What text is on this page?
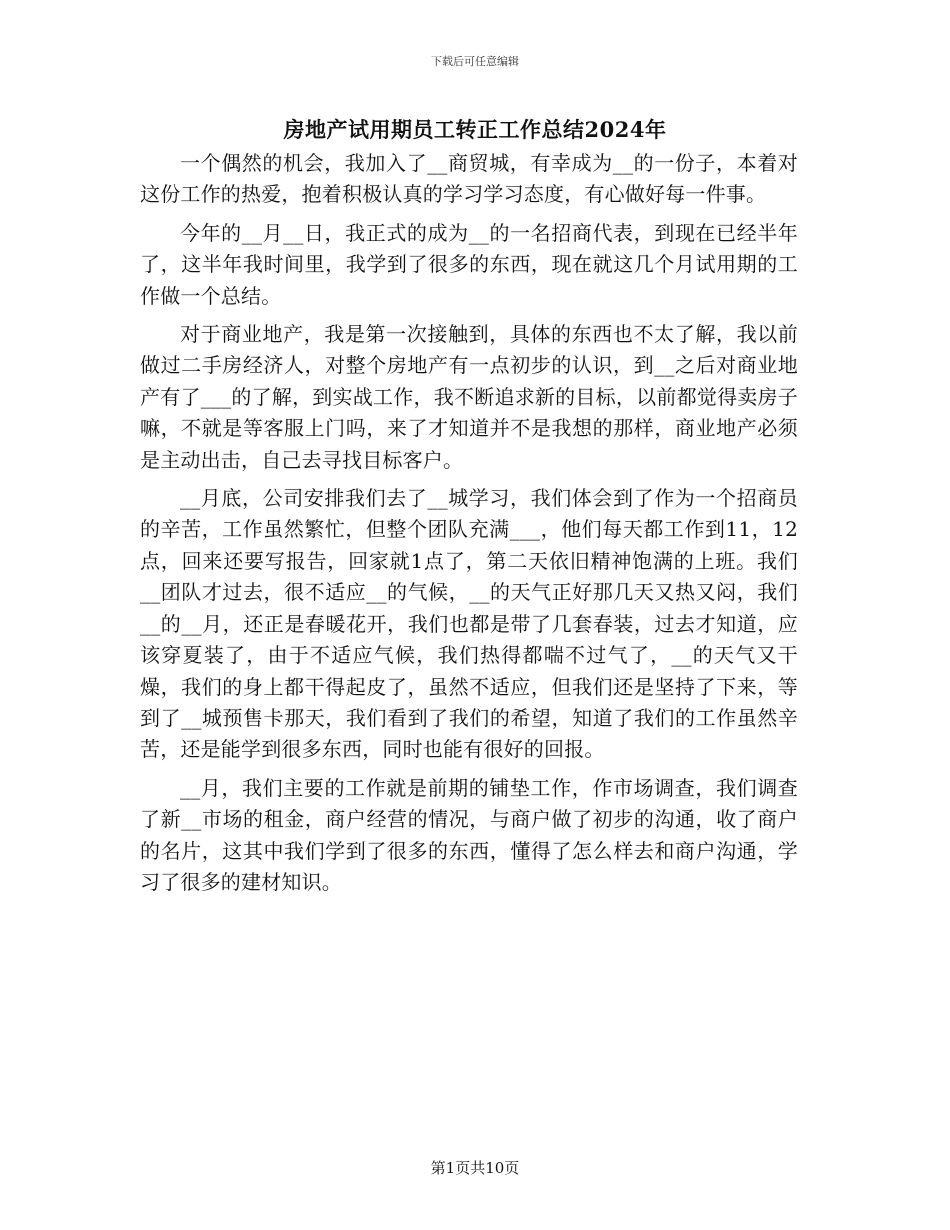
下载后可任意编辑
房地产试用期员工转正工作总结2024年

一个偶然的机会，我加入了__商贸城，有幸成为__的一份子，本着对这份工作的热爱，抱着积极认真的学习学习态度，有心做好每一件事。

今年的__月__日，我正式的成为__的一名招商代表，到现在已经半年了，这半年我时间里，我学到了很多的东西，现在就这几个月试用期的工作做一个总结。

对于商业地产，我是第一次接触到，具体的东西也不太了解，我以前做过二手房经济人，对整个房地产有一点初步的认识，到__之后对商业地产有了___的了解，到实战工作，我不断追求新的目标，以前都觉得卖房子嘛，不就是等客服上门吗，来了才知道并不是我想的那样，商业地产必须是主动出击，自己去寻找目标客户。

__月底，公司安排我们去了__城学习，我们体会到了作为一个招商员的辛苦，工作虽然繁忙，但整个团队充满___，他们每天都工作到11，12点，回来还要写报告，回家就1点了，第二天依旧精神饱满的上班。我们__团队才过去，很不适应__的气候，__的天气正好那几天又热又闷，我们__的__月，还正是春暖花开，我们也都是带了几套春装，过去才知道，应该穿夏装了，由于不适应气候，我们热得都喘不过气了，__的天气又干燥，我们的身上都干得起皮了，虽然不适应，但我们还是坚持了下来，等到了__城预售卡那天，我们看到了我们的希望，知道了我们的工作虽然辛苦，还是能学到很多东西，同时也能有很好的回报。

__月，我们主要的工作就是前期的铺垫工作，作市场调查，我们调查了新__市场的租金，商户经营的情况，与商户做了初步的沟通，收了商户的名片，这其中我们学到了很多的东西，懂得了怎么样去和商户沟通，学习了很多的建材知识。

第1页共10页
